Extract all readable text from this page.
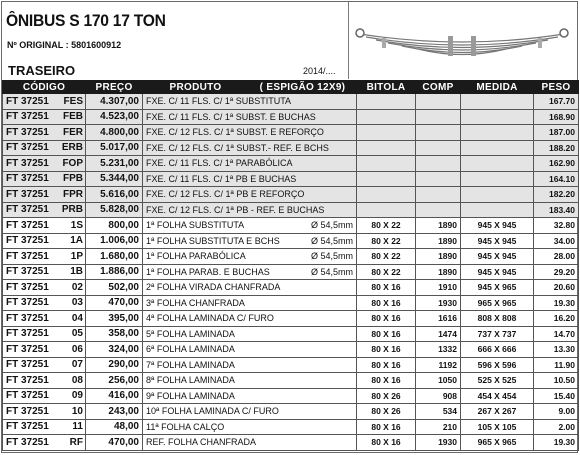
ÔNIBUS S 170 17 TON
Nº ORIGINAL : 5801600912
TRASEIRO	2014/....
CÓDIGO	PREÇO	PRODUTO	( ESPIGÃO 12X9)	BITOLA	COMP	MEDIDA	PESO

FT 37251 FES	4.307,00	FXE. C/ 11 FLS. C/ 1ª SUBSTITUTA					167.70

FT 37251 FEB	4.523,00	FXE. C/ 11 FLS. C/ 1ª SUBST. E BUCHAS					168.90

FT 37251 FER	4.800,00	FXE. C/ 12 FLS. C/ 1ª SUBST. E REFORÇO					187.00

FT 37251 ERB	5.017,00	FXE. C/ 12 FLS. C/ 1ª SUBST.- REF. E BCHS					188.20

FT 37251 FOP	5.231,00	FXE. C/ 11 FLS. C/ 1ª PARABÓLICA					162.90

FT 37251 FPB	5.344,00	FXE. C/ 11 FLS. C/ 1ª PB E BUCHAS					164.10

FT 37251 FPR	5.616,00	FXE. C/ 12 FLS. C/ 1ª PB E REFORÇO					182.20

FT 37251 PRB	5.828,00	FXE. C/ 12 FLS. C/ 1ª PB - REF. E BUCHAS					183.40

FT 37251 1S	800,00	1ª FOLHA SUBSTITUTA Ø 54,5mm		80 X 22	1890	945 X 945	32.80

FT 37251 1A	1.006,00	1ª FOLHA SUBSTITUTA E BCHS Ø 54,5mm		80 X 22	1890	945 X 945	34.00

FT 37251 1P	1.680,00	1ª FOLHA PARABÓLICA Ø 54,5mm		80 X 22	1890	945 X 945	28.00

FT 37251 1B	1.886,00	1ª FOLHA PARAB. E BUCHAS Ø 54,5mm		80 X 22	1890	945 X 945	29.20

FT 37251 02	502,00	2ª FOLHA VIRADA CHANFRADA		80 X 16	1910	945 X 965	20.60

FT 37251 03	470,00	3ª FOLHA CHANFRADA		80 X 16	1930	965 X 965	19.30

FT 37251 04	395,00	4ª FOLHA LAMINADA C/ FURO		80 X 16	1616	808 X 808	16.20

FT 37251 05	358,00	5ª FOLHA LAMINADA		80 X 16	1474	737 X 737	14.70

FT 37251 06	324,00	6ª FOLHA LAMINADA		80 X 16	1332	666 X 666	13.30

FT 37251 07	290,00	7ª FOLHA LAMINADA		80 X 16	1192	596 X 596	11.90

FT 37251 08	256,00	8ª FOLHA LAMINADA		80 X 16	1050	525 X 525	10.50

FT 37251 09	416,00	9ª FOLHA LAMINADA		80 X 26	908	454 X 454	15.40

FT 37251 10	243,00	10ª FOLHA LAMINADA C/ FURO		80 X 26	534	267 X 267	9.00

FT 37251 11	48,00	11ª FOLHA CALÇO		80 X 16	210	105 X 105	2.00

FT 37251 RF	470,00	REF. FOLHA CHANFRADA		80 X 16	1930	965 X 965	19.30
